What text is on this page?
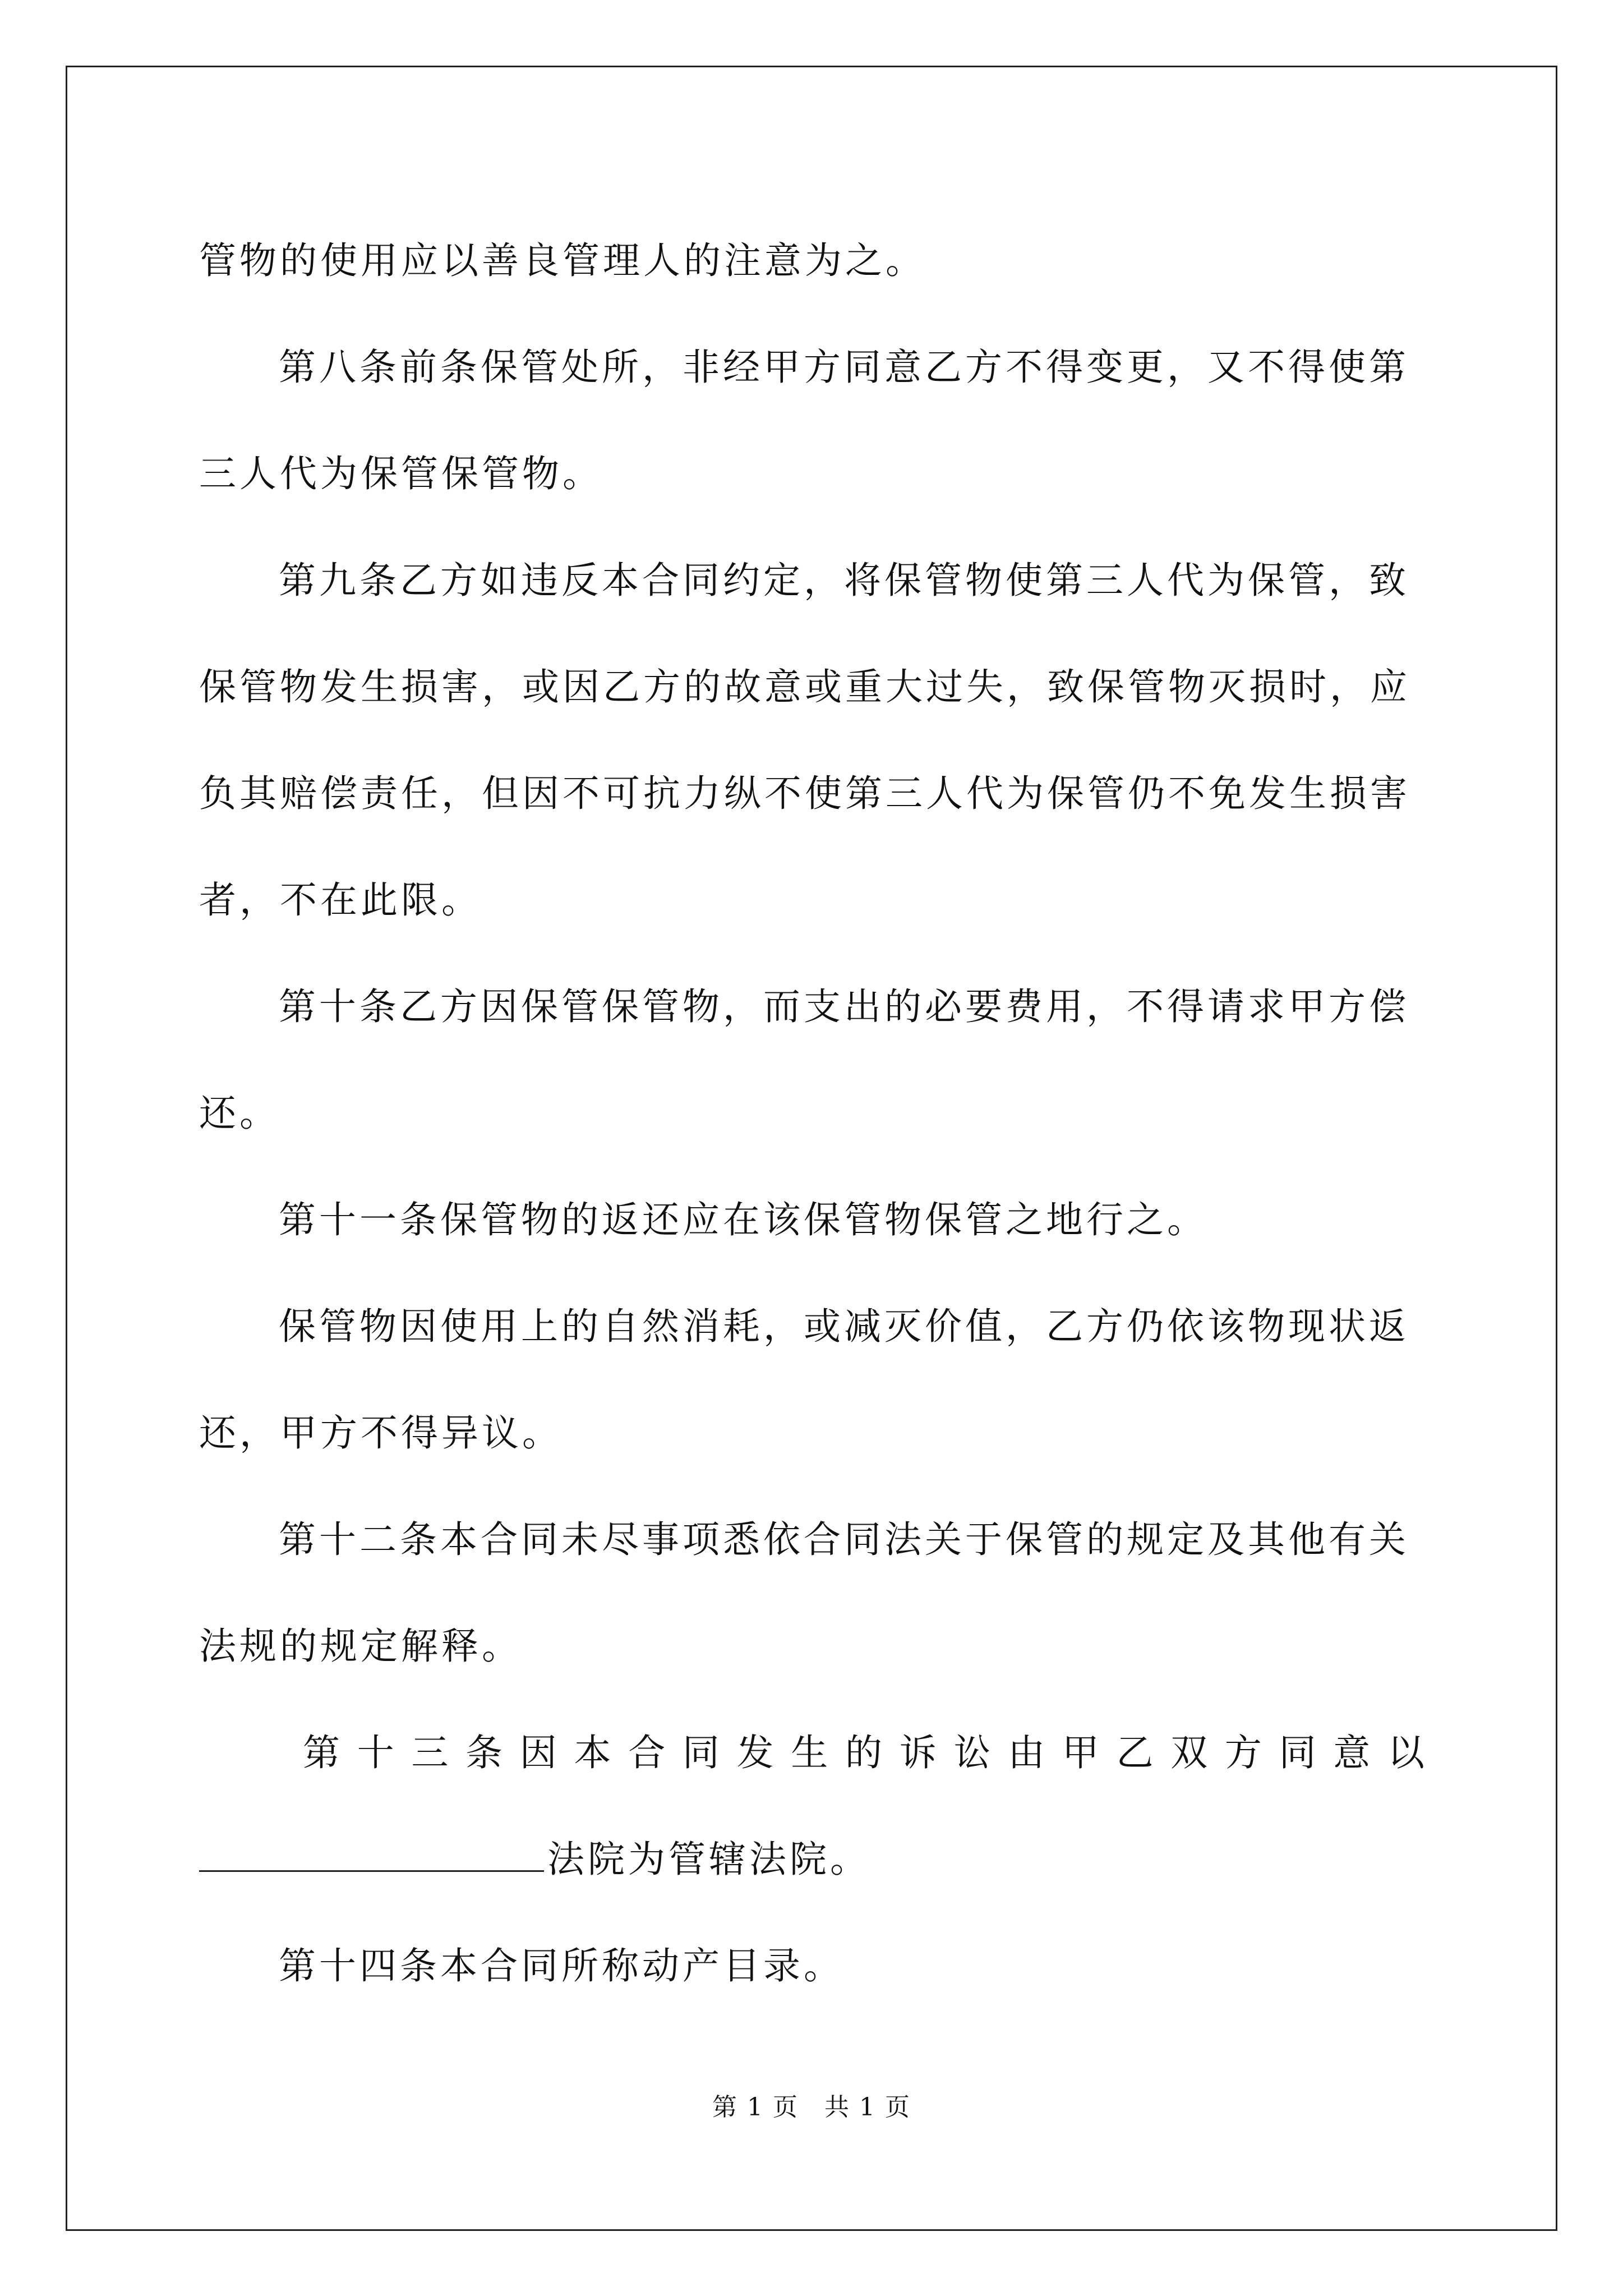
管物的使用应以善良管理人的注意为之。

第八条前条保管处所，非经甲方同意乙方不得变更，又不得使第三人代为保管保管物。

第九条乙方如违反本合同约定，将保管物使第三人代为保管，致保管物发生损害，或因乙方的故意或重大过失，致保管物灭损时，应负其赔偿责任，但因不可抗力纵不使第三人代为保管仍不免发生损害者，不在此限。

第十条乙方因保管保管物，而支出的必要费用，不得请求甲方偿还。

第十一条保管物的返还应在该保管物保管之地行之。

保管物因使用上的自然消耗，或减灭价值，乙方仍依该物现状返还，甲方不得异议。

第十二条本合同未尽事项悉依合同法关于保管的规定及其他有关法规的规定解释。

第十三条因本合同发生的诉讼由甲乙双方同意以

法院为管辖法院。

第十四条本合同所称动产目录。

第 1 页　共 1 页
